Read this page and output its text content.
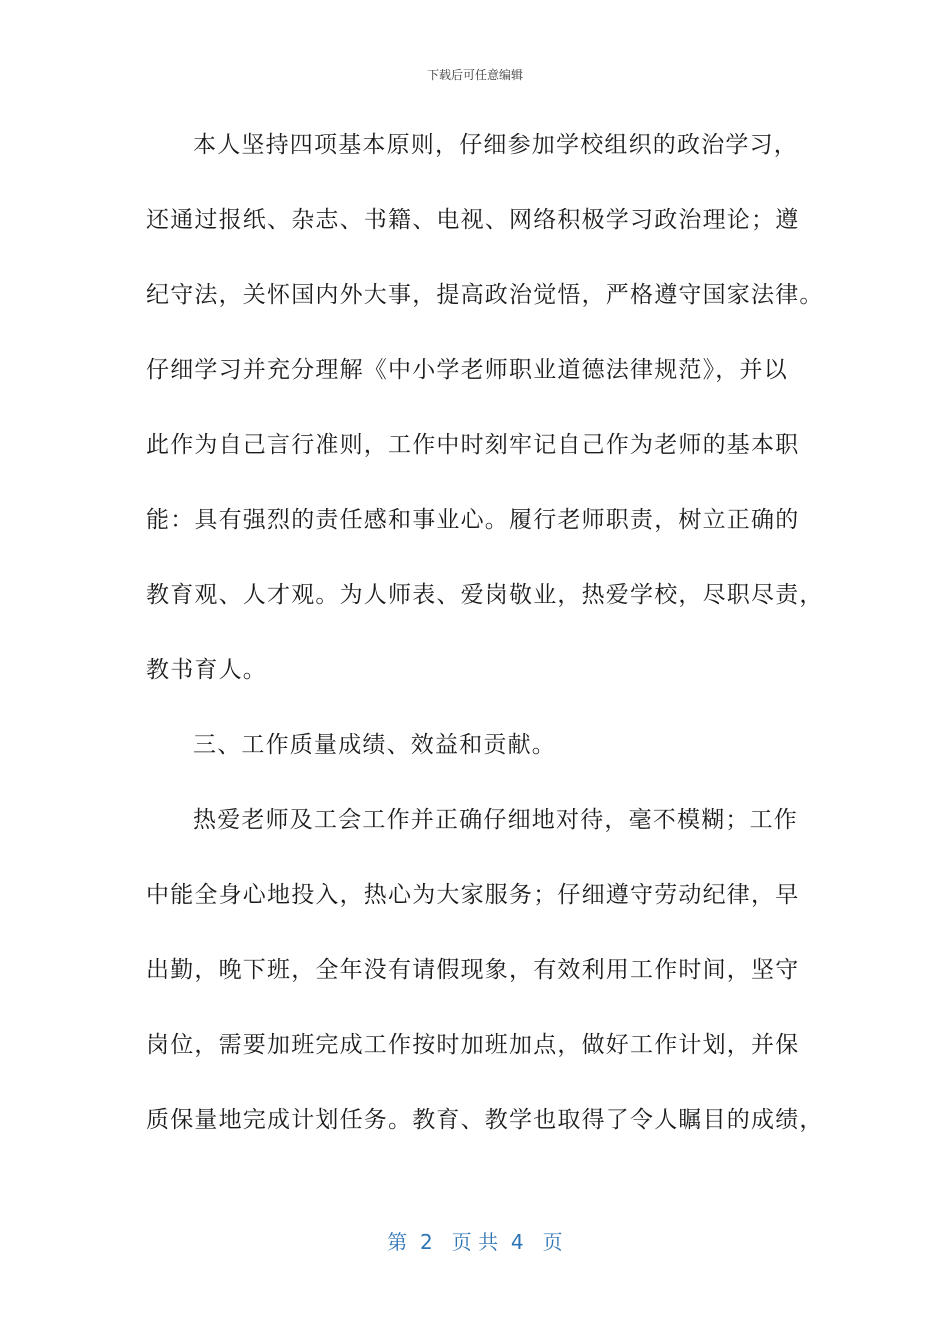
下载后可任意编辑
本人坚持四项基本原则，仔细参加学校组织的政治学习，
还通过报纸、杂志、书籍、电视、网络积极学习政治理论；遵
纪守法，关怀国内外大事，提高政治觉悟，严格遵守国家法律。
仔细学习并充分理解《中小学老师职业道德法律规范》，并以
此作为自己言行准则，工作中时刻牢记自己作为老师的基本职
能：具有强烈的责任感和事业心。履行老师职责，树立正确的
教育观、人才观。为人师表、爱岗敬业，热爱学校，尽职尽责，
教书育人。
三、工作质量成绩、效益和贡献。
热爱老师及工会工作并正确仔细地对待，毫不模糊；工作
中能全身心地投入，热心为大家服务；仔细遵守劳动纪律，早
出勤，晚下班，全年没有请假现象，有效利用工作时间，坚守
岗位，需要加班完成工作按时加班加点，做好工作计划，并保
质保量地完成计划任务。教育、教学也取得了令人瞩目的成绩，
第  2   页 共  4   页
